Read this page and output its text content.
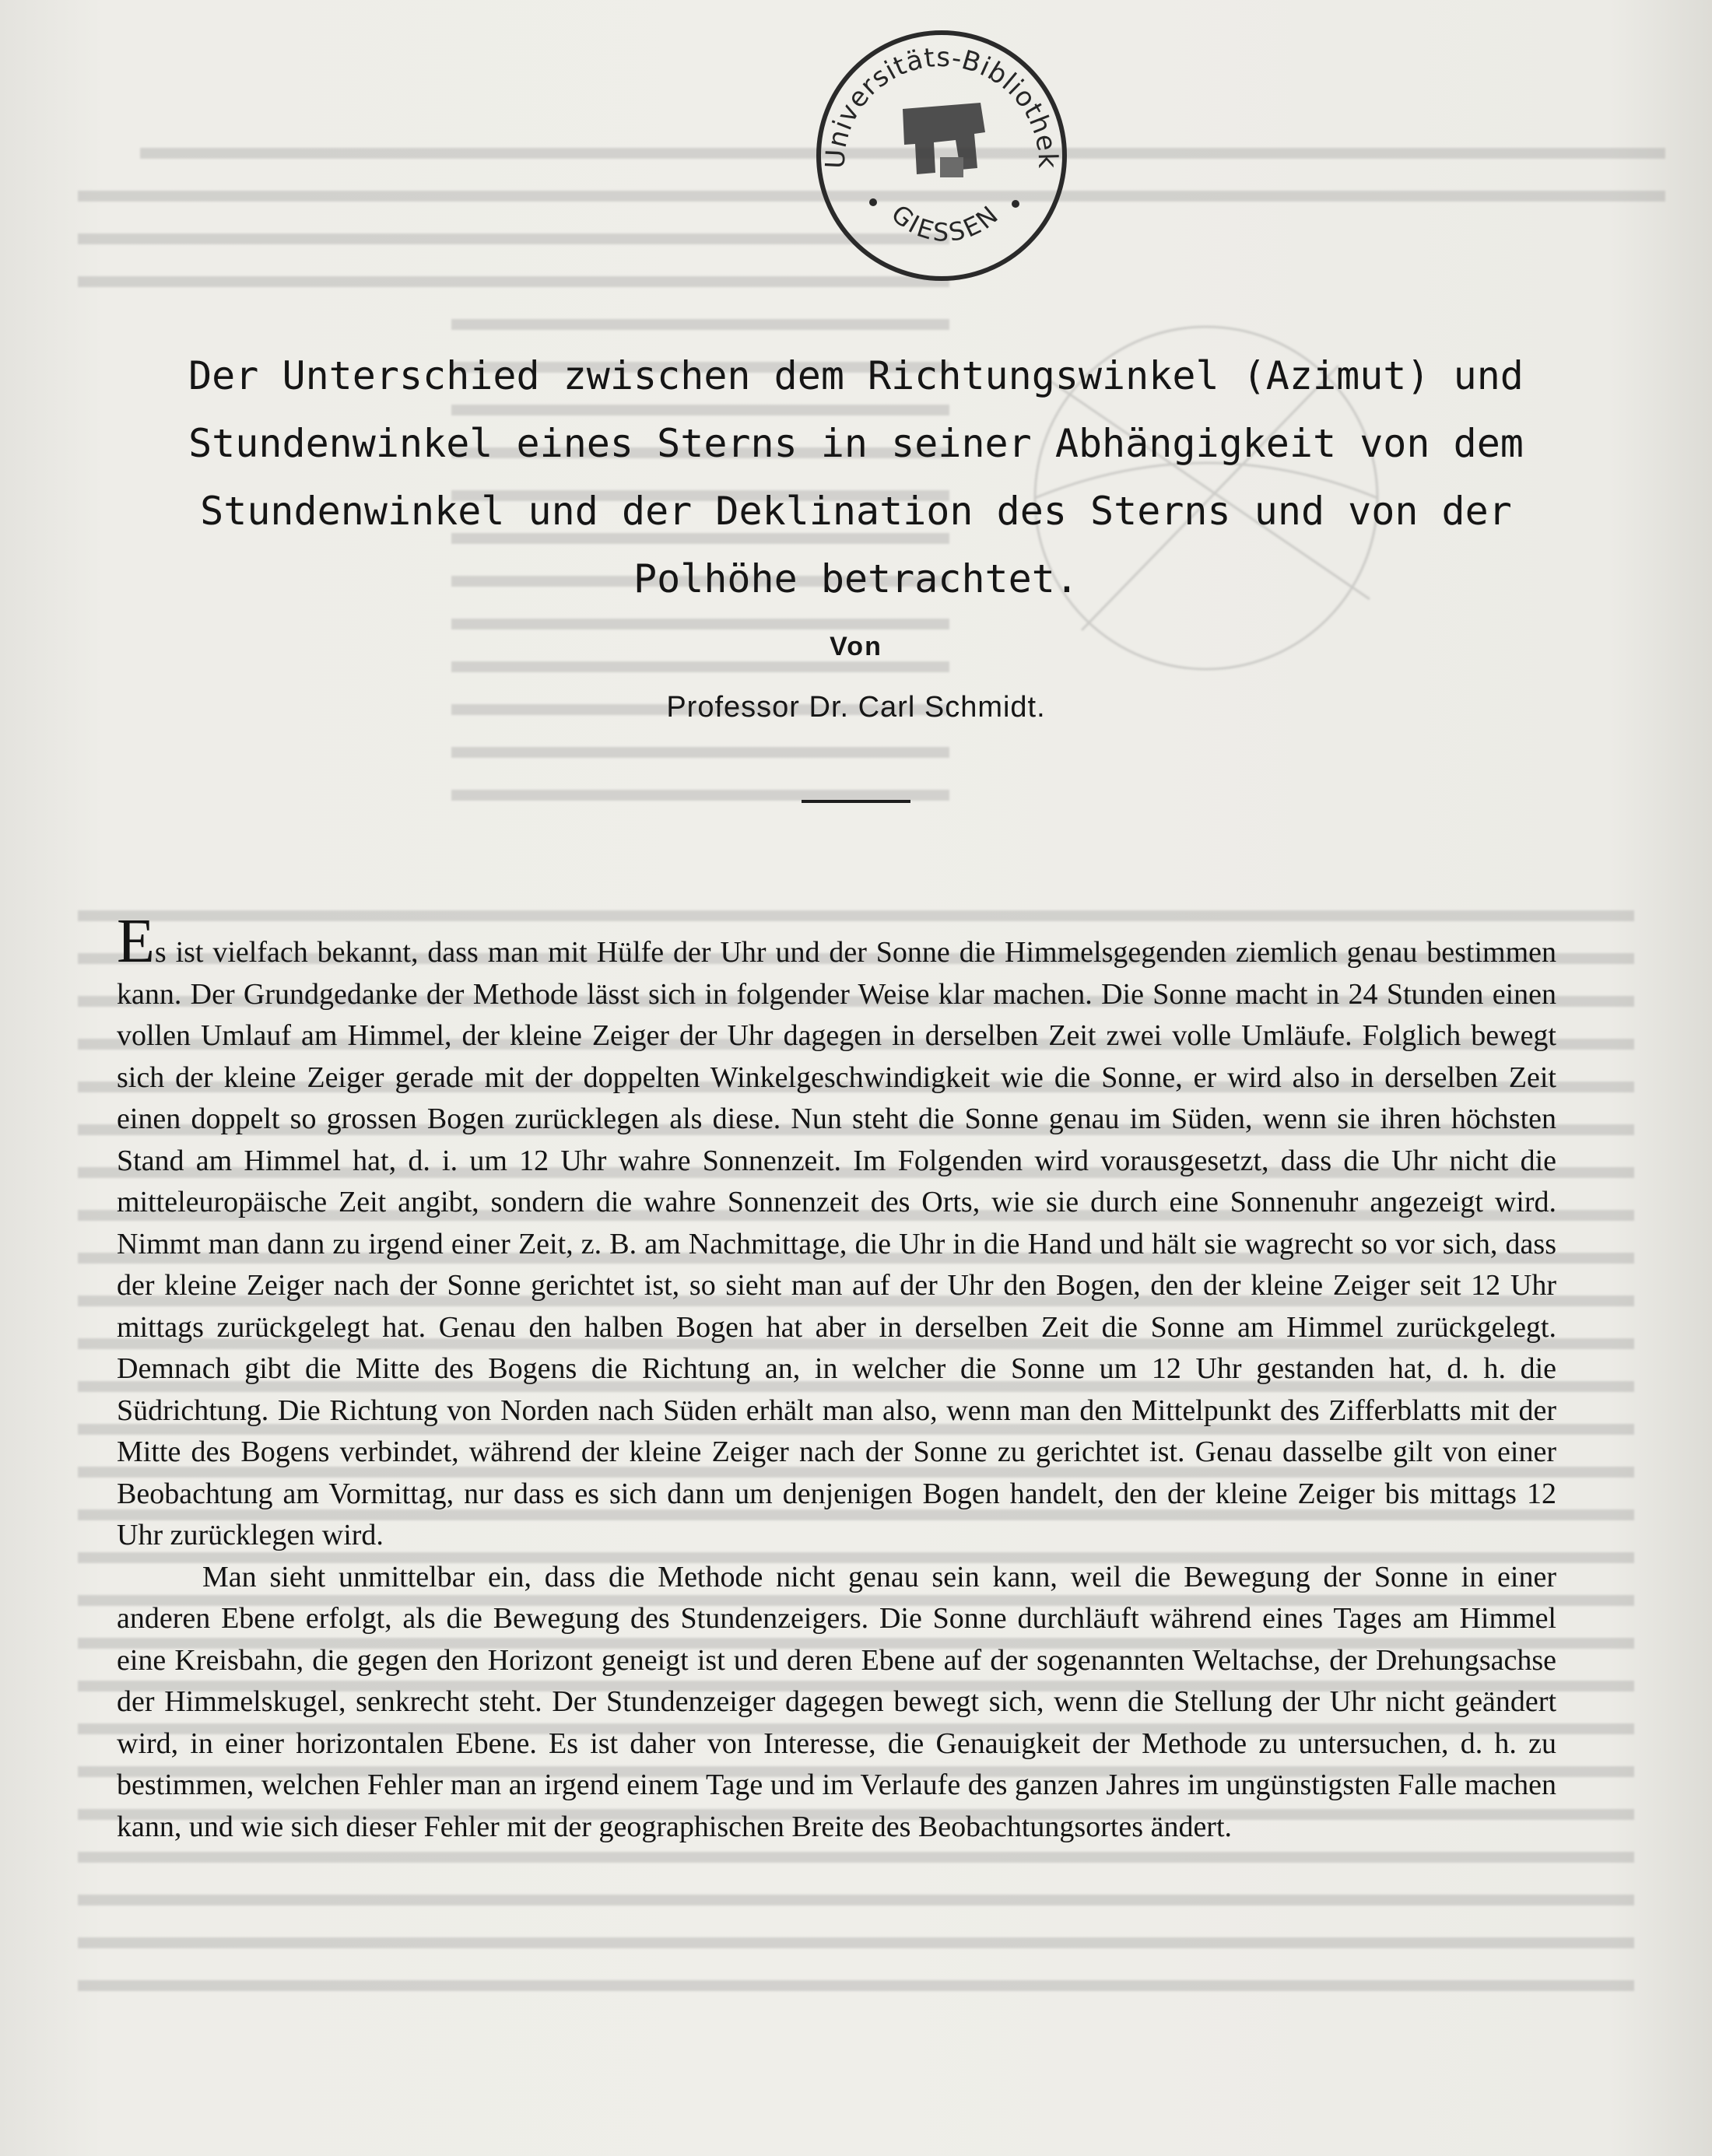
Universitäts-Bibliothek
GIESSEN
Der Unterschied zwischen dem Richtungswinkel (Azimut) und
Stundenwinkel eines Sterns in seiner Abhängigkeit von dem
Stundenwinkel und der Deklination des Sterns und von der
Polhöhe betrachtet.
Von
Professor Dr. Carl Schmidt.

Es ist vielfach bekannt, dass man mit Hülfe der Uhr und der Sonne die Himmelsgegenden ziemlich genau bestimmen kann. Der Grundgedanke der Methode lässt sich in folgender Weise klar machen. Die Sonne macht in 24 Stunden einen vollen Umlauf am Himmel, der kleine Zeiger der Uhr dagegen in derselben Zeit zwei volle Umläufe. Folglich bewegt sich der kleine Zeiger gerade mit der doppelten Winkelgeschwindigkeit wie die Sonne, er wird also in derselben Zeit einen doppelt so grossen Bogen zurücklegen als diese. Nun steht die Sonne genau im Süden, wenn sie ihren höchsten Stand am Himmel hat, d. i. um 12 Uhr wahre Sonnenzeit. Im Folgenden wird vorausgesetzt, dass die Uhr nicht die mitteleuropäische Zeit angibt, sondern die wahre Sonnenzeit des Orts, wie sie durch eine Sonnenuhr angezeigt wird. Nimmt man dann zu irgend einer Zeit, z. B. am Nachmittage, die Uhr in die Hand und hält sie wagrecht so vor sich, dass der kleine Zeiger nach der Sonne gerichtet ist, so sieht man auf der Uhr den Bogen, den der kleine Zeiger seit 12 Uhr mittags zurückgelegt hat. Genau den halben Bogen hat aber in derselben Zeit die Sonne am Himmel zurückgelegt. Demnach gibt die Mitte des Bogens die Richtung an, in welcher die Sonne um 12 Uhr gestanden hat, d. h. die Südrichtung. Die Richtung von Norden nach Süden erhält man also, wenn man den Mittelpunkt des Zifferblatts mit der Mitte des Bogens verbindet, während der kleine Zeiger nach der Sonne zu gerichtet ist. Genau dasselbe gilt von einer Beobachtung am Vormittag, nur dass es sich dann um denjenigen Bogen handelt, den der kleine Zeiger bis mittags 12 Uhr zurücklegen wird.

Man sieht unmittelbar ein, dass die Methode nicht genau sein kann, weil die Bewegung der Sonne in einer anderen Ebene erfolgt, als die Bewegung des Stundenzeigers. Die Sonne durchläuft während eines Tages am Himmel eine Kreisbahn, die gegen den Horizont geneigt ist und deren Ebene auf der sogenannten Weltachse, der Drehungsachse der Himmelskugel, senkrecht steht. Der Stundenzeiger dagegen bewegt sich, wenn die Stellung der Uhr nicht geändert wird, in einer horizontalen Ebene. Es ist daher von Interesse, die Genauigkeit der Methode zu untersuchen, d. h. zu bestimmen, welchen Fehler man an irgend einem Tage und im Verlaufe des ganzen Jahres im ungünstigsten Falle machen kann, und wie sich dieser Fehler mit der geographischen Breite des Beobachtungsortes ändert.
